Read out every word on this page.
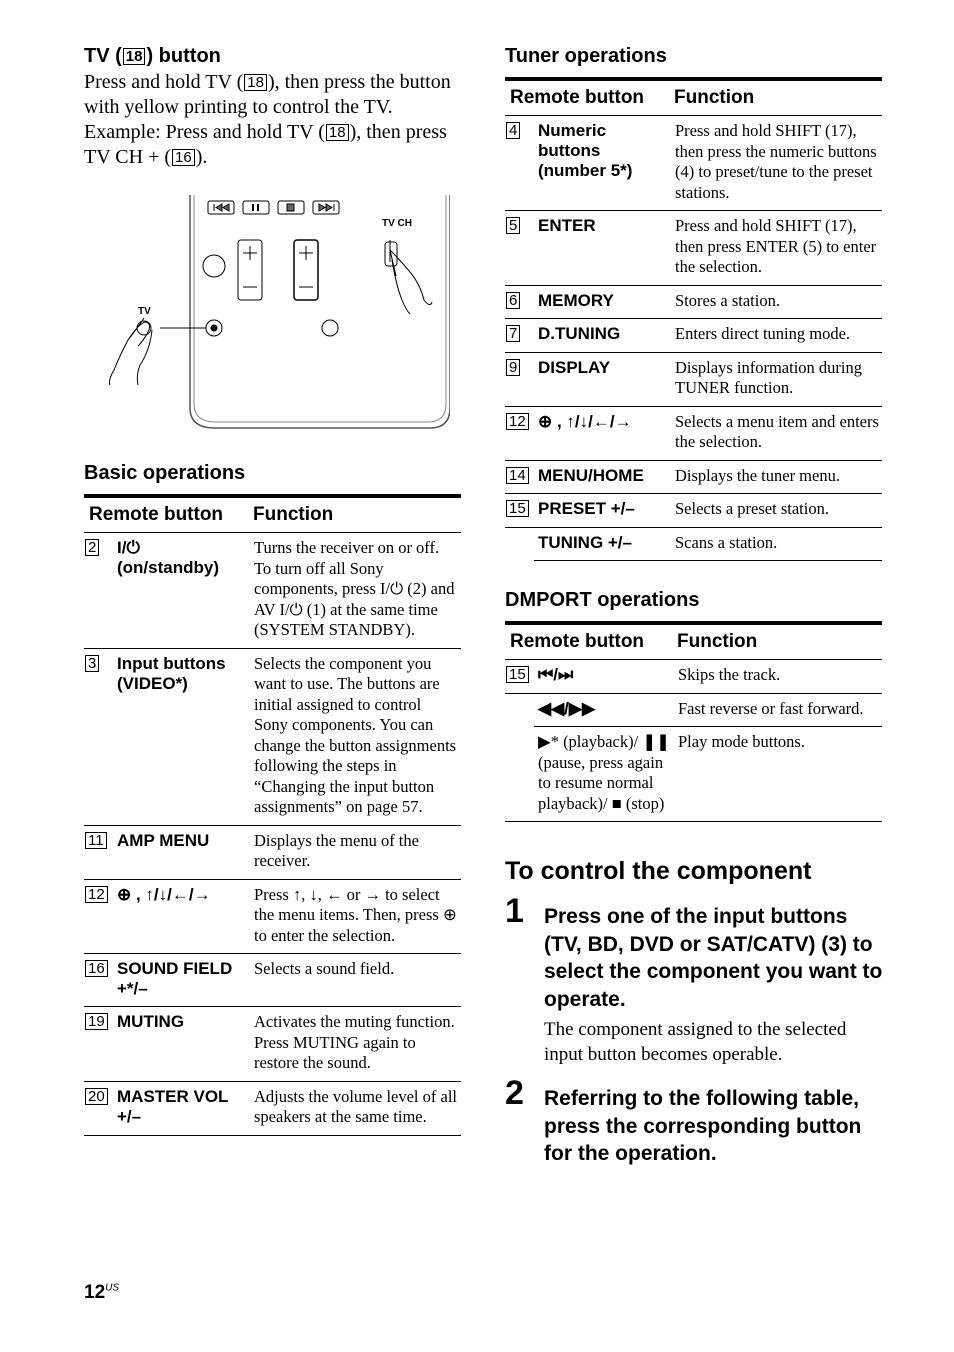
TV ( 18 ) button
Press and hold TV ( 18 ), then press the button with yellow printing to control the TV.
Example: Press and hold TV ( 18 ), then press TV CH + ( 16 ).
TV
TV CH
Basic operations
Remote button		Function
2	I/⏻ (on/standby)	Turns the receiver on or off. To turn off all Sony components, press I/⏻ (2) and AV I/⏻ (1) at the same time (SYSTEM STANDBY).
3	Input buttons (VIDEO*)	Selects the component you want to use. The buttons are initial assigned to control Sony components. You can change the button assignments following the steps in “Changing the input button assignments” on page 57.
11	AMP MENU	Displays the menu of the receiver.
12	⊕ , ↑/↓/←/→	Press ↑, ↓, ← or → to select the menu items. Then, press ⊕ to enter the selection.
16	SOUND FIELD +*/–	Selects a sound field.
19	MUTING	Activates the muting function. Press MUTING again to restore the sound.
20	MASTER VOL +/–	Adjusts the volume level of all speakers at the same time.
Tuner operations
Remote button		Function
4	Numeric buttons (number 5*)	Press and hold SHIFT (17), then press the numeric buttons (4) to preset/tune to the preset stations.
5	ENTER	Press and hold SHIFT (17), then press ENTER (5) to enter the selection.
6	MEMORY	Stores a station.
7	D.TUNING	Enters direct tuning mode.
9	DISPLAY	Displays information during TUNER function.
12	⊕ , ↑/↓/←/→	Selects a menu item and enters the selection.
14	MENU/HOME	Displays the tuner menu.
15	PRESET +/–	Selects a preset station.
	TUNING +/–	Scans a station.
DMPORT operations
Remote button		Function
15	⏮/⏭	Skips the track.
	◀◀/▶▶	Fast reverse or fast forward.
	▶* (playback)/ ❚❚ (pause, press again to resume normal playback)/ ■ (stop)	Play mode buttons.
To control the component
1 Press one of the input buttons (TV, BD, DVD or SAT/CATV) (3) to select the component you want to operate.
The component assigned to the selected input button becomes operable.
2 Referring to the following table, press the corresponding button for the operation.
$12^{US}$
